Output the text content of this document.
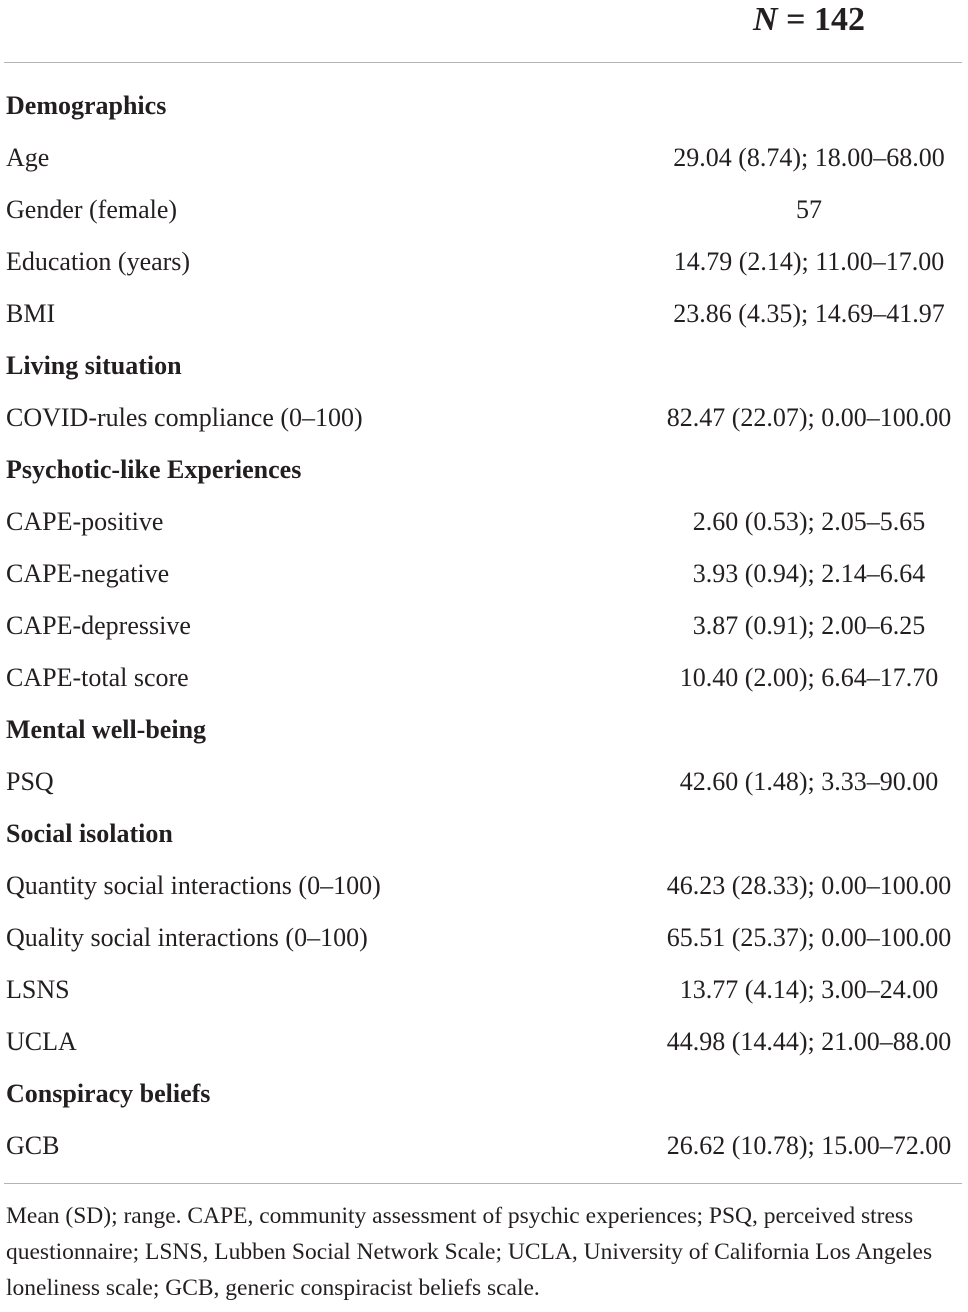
N = 142
Demographics
Age	29.04 (8.74); 18.00–68.00
Gender (female)	57
Education (years)	14.79 (2.14); 11.00–17.00
BMI	23.86 (4.35); 14.69–41.97
Living situation
COVID-rules compliance (0–100)	82.47 (22.07); 0.00–100.00
Psychotic-like Experiences
CAPE-positive	2.60 (0.53); 2.05–5.65
CAPE-negative	3.93 (0.94); 2.14–6.64
CAPE-depressive	3.87 (0.91); 2.00–6.25
CAPE-total score	10.40 (2.00); 6.64–17.70
Mental well-being
PSQ	42.60 (1.48); 3.33–90.00
Social isolation
Quantity social interactions (0–100)	46.23 (28.33); 0.00–100.00
Quality social interactions (0–100)	65.51 (25.37); 0.00–100.00
LSNS	13.77 (4.14); 3.00–24.00
UCLA	44.98 (14.44); 21.00–88.00
Conspiracy beliefs
GCB	26.62 (10.78); 15.00–72.00
Mean (SD); range. CAPE, community assessment of psychic experiences; PSQ, perceived stress questionnaire; LSNS, Lubben Social Network Scale; UCLA, University of California Los Angeles loneliness scale; GCB, generic conspiracist beliefs scale.
